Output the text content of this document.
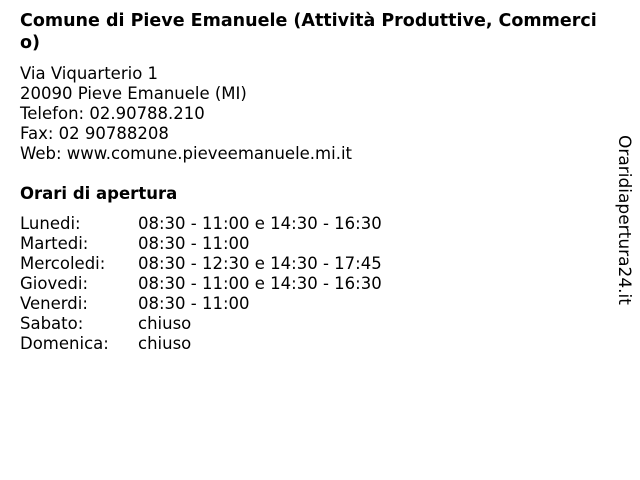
Comune di Pieve Emanuele (Attività Produttive, Commercio)
Via Viquarterio 1
20090 Pieve Emanuele (MI)
Telefon: 02.90788.210
Fax: 02 90788208
Web: www.comune.pieveemanuele.mi.it
Orari di apertura
Lunedi:	08:30 - 11:00 e 14:30 - 16:30
Martedi:	08:30 - 11:00
Mercoledi: 08:30 - 12:30 e 14:30 - 17:45
Giovedi:	08:30 - 11:00 e 14:30 - 16:30
Venerdi:	08:30 - 11:00
Sabato:	chiuso
Domenica: chiuso
Oraridiapertura24.it
